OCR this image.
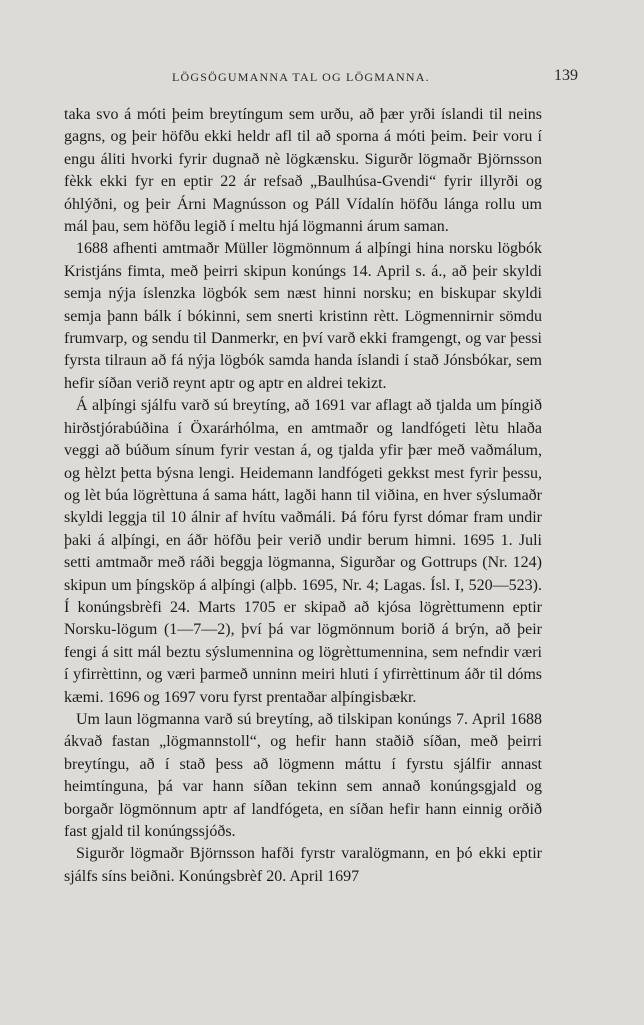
LÖGSÖGUMANNA TAL OG LÖGMANNA.	139

taka svo á móti þeim breytíngum sem urðu, að þær yrði íslandi til neins gagns, og þeir höfðu ekki heldr afl til að sporna á móti þeim. Þeir voru í engu áliti hvorki fyrir dugnað nè lögkænsku. Sigurðr lögmaðr Björnsson fèkk ekki fyr en eptir 22 ár refsað „Baulhúsa-Gvendi“ fyrir illyrði og óhlýðni, og þeir Árni Magnússon og Páll Vídalín höfðu lánga rollu um mál þau, sem höfðu legið í meltu hjá lögmanni árum saman.

1688 afhenti amtmaðr Müller lögmönnum á alþíngi hina norsku lögbók Kristjáns fimta, með þeirri skipun konúngs 14. April s. á., að þeir skyldi semja nýja íslenzka lögbók sem næst hinni norsku; en biskupar skyldi semja þann bálk í bókinni, sem snerti kristinn rètt. Lögmennirnir sömdu frumvarp, og sendu til Danmerkr, en því varð ekki framgengt, og var þessi fyrsta tilraun að fá nýja lögbók samda handa íslandi í stað Jónsbókar, sem hefir síðan verið reynt aptr og aptr en aldrei tekizt.

Á alþíngi sjálfu varð sú breytíng, að 1691 var aflagt að tjalda um þíngið hirðstjórabúðina í Öxarárhólma, en amtmaðr og landfógeti lètu hlaða veggi að búðum sínum fyrir vestan á, og tjalda yfir þær með vaðmálum, og hèlzt þetta býsna lengi. Heidemann landfógeti gekkst mest fyrir þessu, og lèt búa lögrèttuna á sama hátt, lagði hann til viðina, en hver sýslumaðr skyldi leggja til 10 álnir af hvítu vaðmáli. Þá fóru fyrst dómar fram undir þaki á alþíngi, en áðr höfðu þeir verið undir berum himni. 1695 1. Juli setti amtmaðr með ráði beggja lögmanna, Sigurðar og Gottrups (Nr. 124) skipun um þíngsköp á alþíngi (alþb. 1695, Nr. 4; Lagas. Ísl. I, 520—523). Í konúngsbrèfi 24. Marts 1705 er skipað að kjósa lögrèttumenn eptir Norsku-lögum (1—7—2), því þá var lögmönnum borið á brýn, að þeir fengi á sitt mál beztu sýslumennina og lögrèttumennina, sem nefndir væri í yfirrèttinn, og væri þarmeð unninn meiri hluti í yfirrèttinum áðr til dóms kæmi. 1696 og 1697 voru fyrst prentaðar alþíngisbækr.

Um laun lögmanna varð sú breytíng, að tilskipan konúngs 7. April 1688 ákvað fastan „lögmannstoll“, og hefir hann staðið síðan, með þeirri breytíngu, að í stað þess að lögmenn máttu í fyrstu sjálfir annast heimtínguna, þá var hann síðan tekinn sem annað konúngsgjald og borgaðr lögmönnum aptr af landfógeta, en síðan hefir hann einnig orðið fast gjald til konúngssjóðs.

Sigurðr lögmaðr Björnsson hafði fyrstr varalögmann, en þó ekki eptir sjálfs síns beiðni. Konúngsbrèf 20. April 1697
